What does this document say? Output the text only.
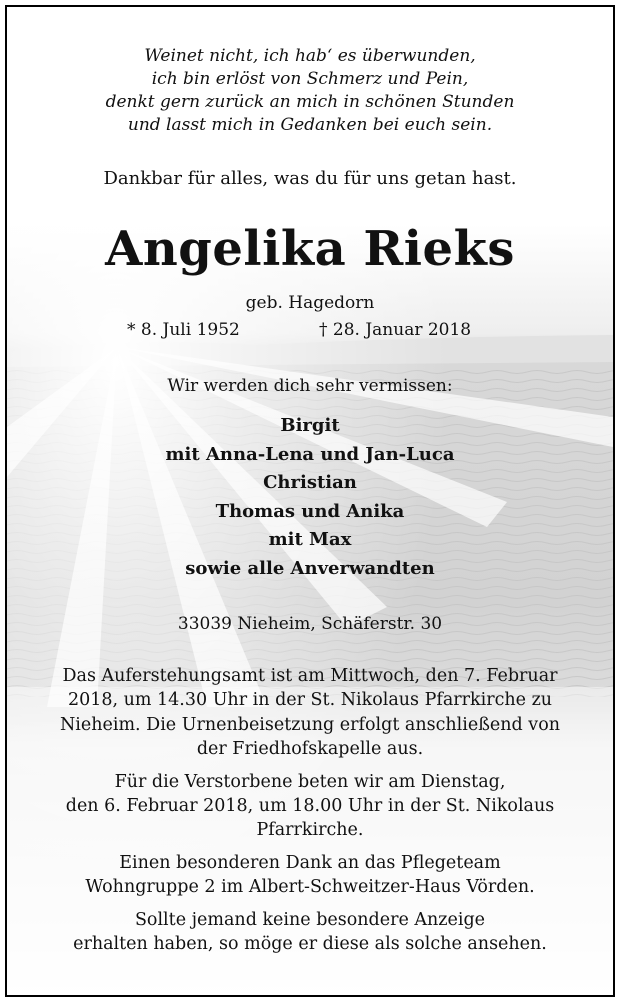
Weinet nicht, ich hab‘ es überwunden,
ich bin erlöst von Schmerz und Pein,
denkt gern zurück an mich in schönen Stunden
und lasst mich in Gedanken bei euch sein.
Dankbar für alles, was du für uns getan hast.
Angelika Rieks
geb. Hagedorn
* 8. Juli 1952	† 28. Januar 2018
Wir werden dich sehr vermissen:
Birgit
mit Anna-Lena und Jan-Luca
Christian
Thomas und Anika
mit Max
sowie alle Anverwandten
33039 Nieheim, Schäferstr. 30

Das Auferstehungsamt ist am Mittwoch, den 7. Februar
2018, um 14.30 Uhr in der St. Nikolaus Pfarrkirche zu
Nieheim. Die Urnenbeisetzung erfolgt anschließend von
der Friedhofskapelle aus.

Für die Verstorbene beten wir am Dienstag,
den 6. Februar 2018, um 18.00 Uhr in der St. Nikolaus
Pfarrkirche.

Einen besonderen Dank an das Pflegeteam
Wohngruppe 2 im Albert-Schweitzer-Haus Vörden.

Sollte jemand keine besondere Anzeige
erhalten haben, so möge er diese als solche ansehen.
